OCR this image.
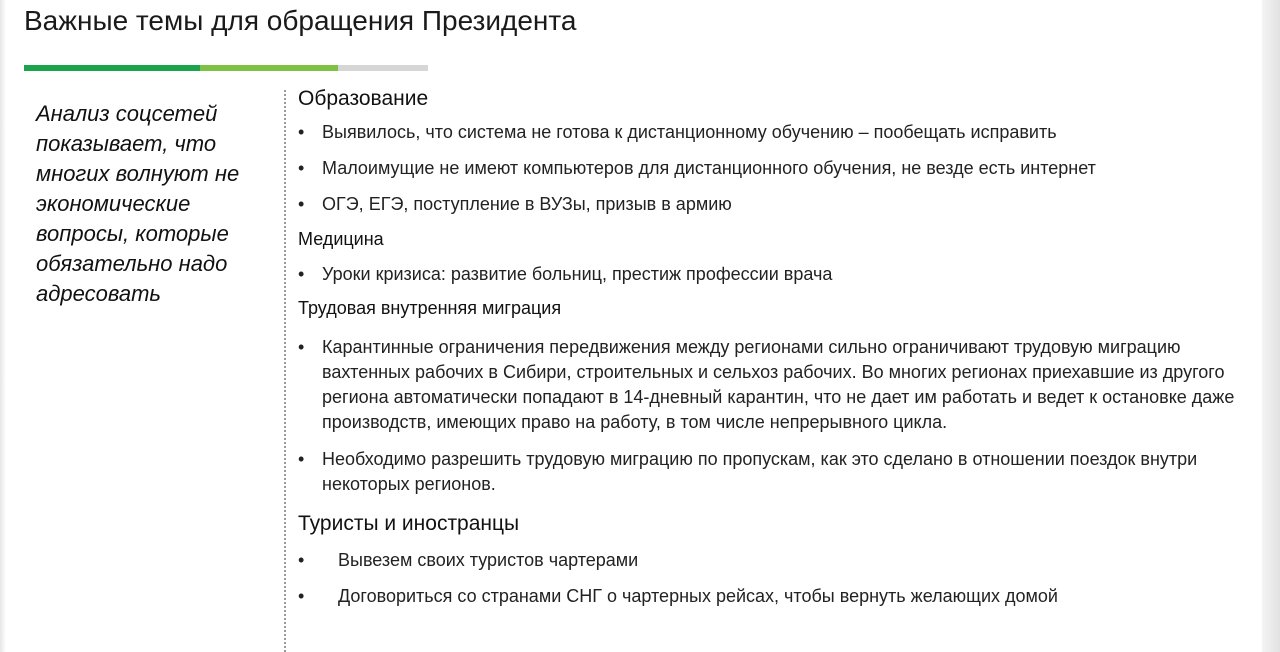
Важные темы для обращения Президента

Анализ соцсетей показывает, что многих волнуют не экономические вопросы, которые обязательно надо адресовать

Образование
• Выявилось, что система не готова к дистанционному обучению – пообещать исправить
• Малоимущие не имеют компьютеров для дистанционного обучения, не везде есть интернет
• ОГЭ, ЕГЭ, поступление в ВУЗы, призыв в армию
Медицина
• Уроки кризиса: развитие больниц, престиж профессии врача
Трудовая внутренняя миграция
• Карантинные ограничения передвижения между регионами сильно ограничивают трудовую миграцию вахтенных рабочих в Сибири, строительных и сельхоз рабочих. Во многих регионах приехавшие из другого региона автоматически попадают в 14-дневный карантин, что не дает им работать и ведет к остановке даже производств, имеющих право на работу, в том числе непрерывного цикла.
• Необходимо разрешить трудовую миграцию по пропускам, как это сделано в отношении поездок внутри некоторых регионов.
Туристы и иностранцы
•	Вывезем своих туристов чартерами
•	Договориться со странами СНГ о чартерных рейсах, чтобы вернуть желающих домой
